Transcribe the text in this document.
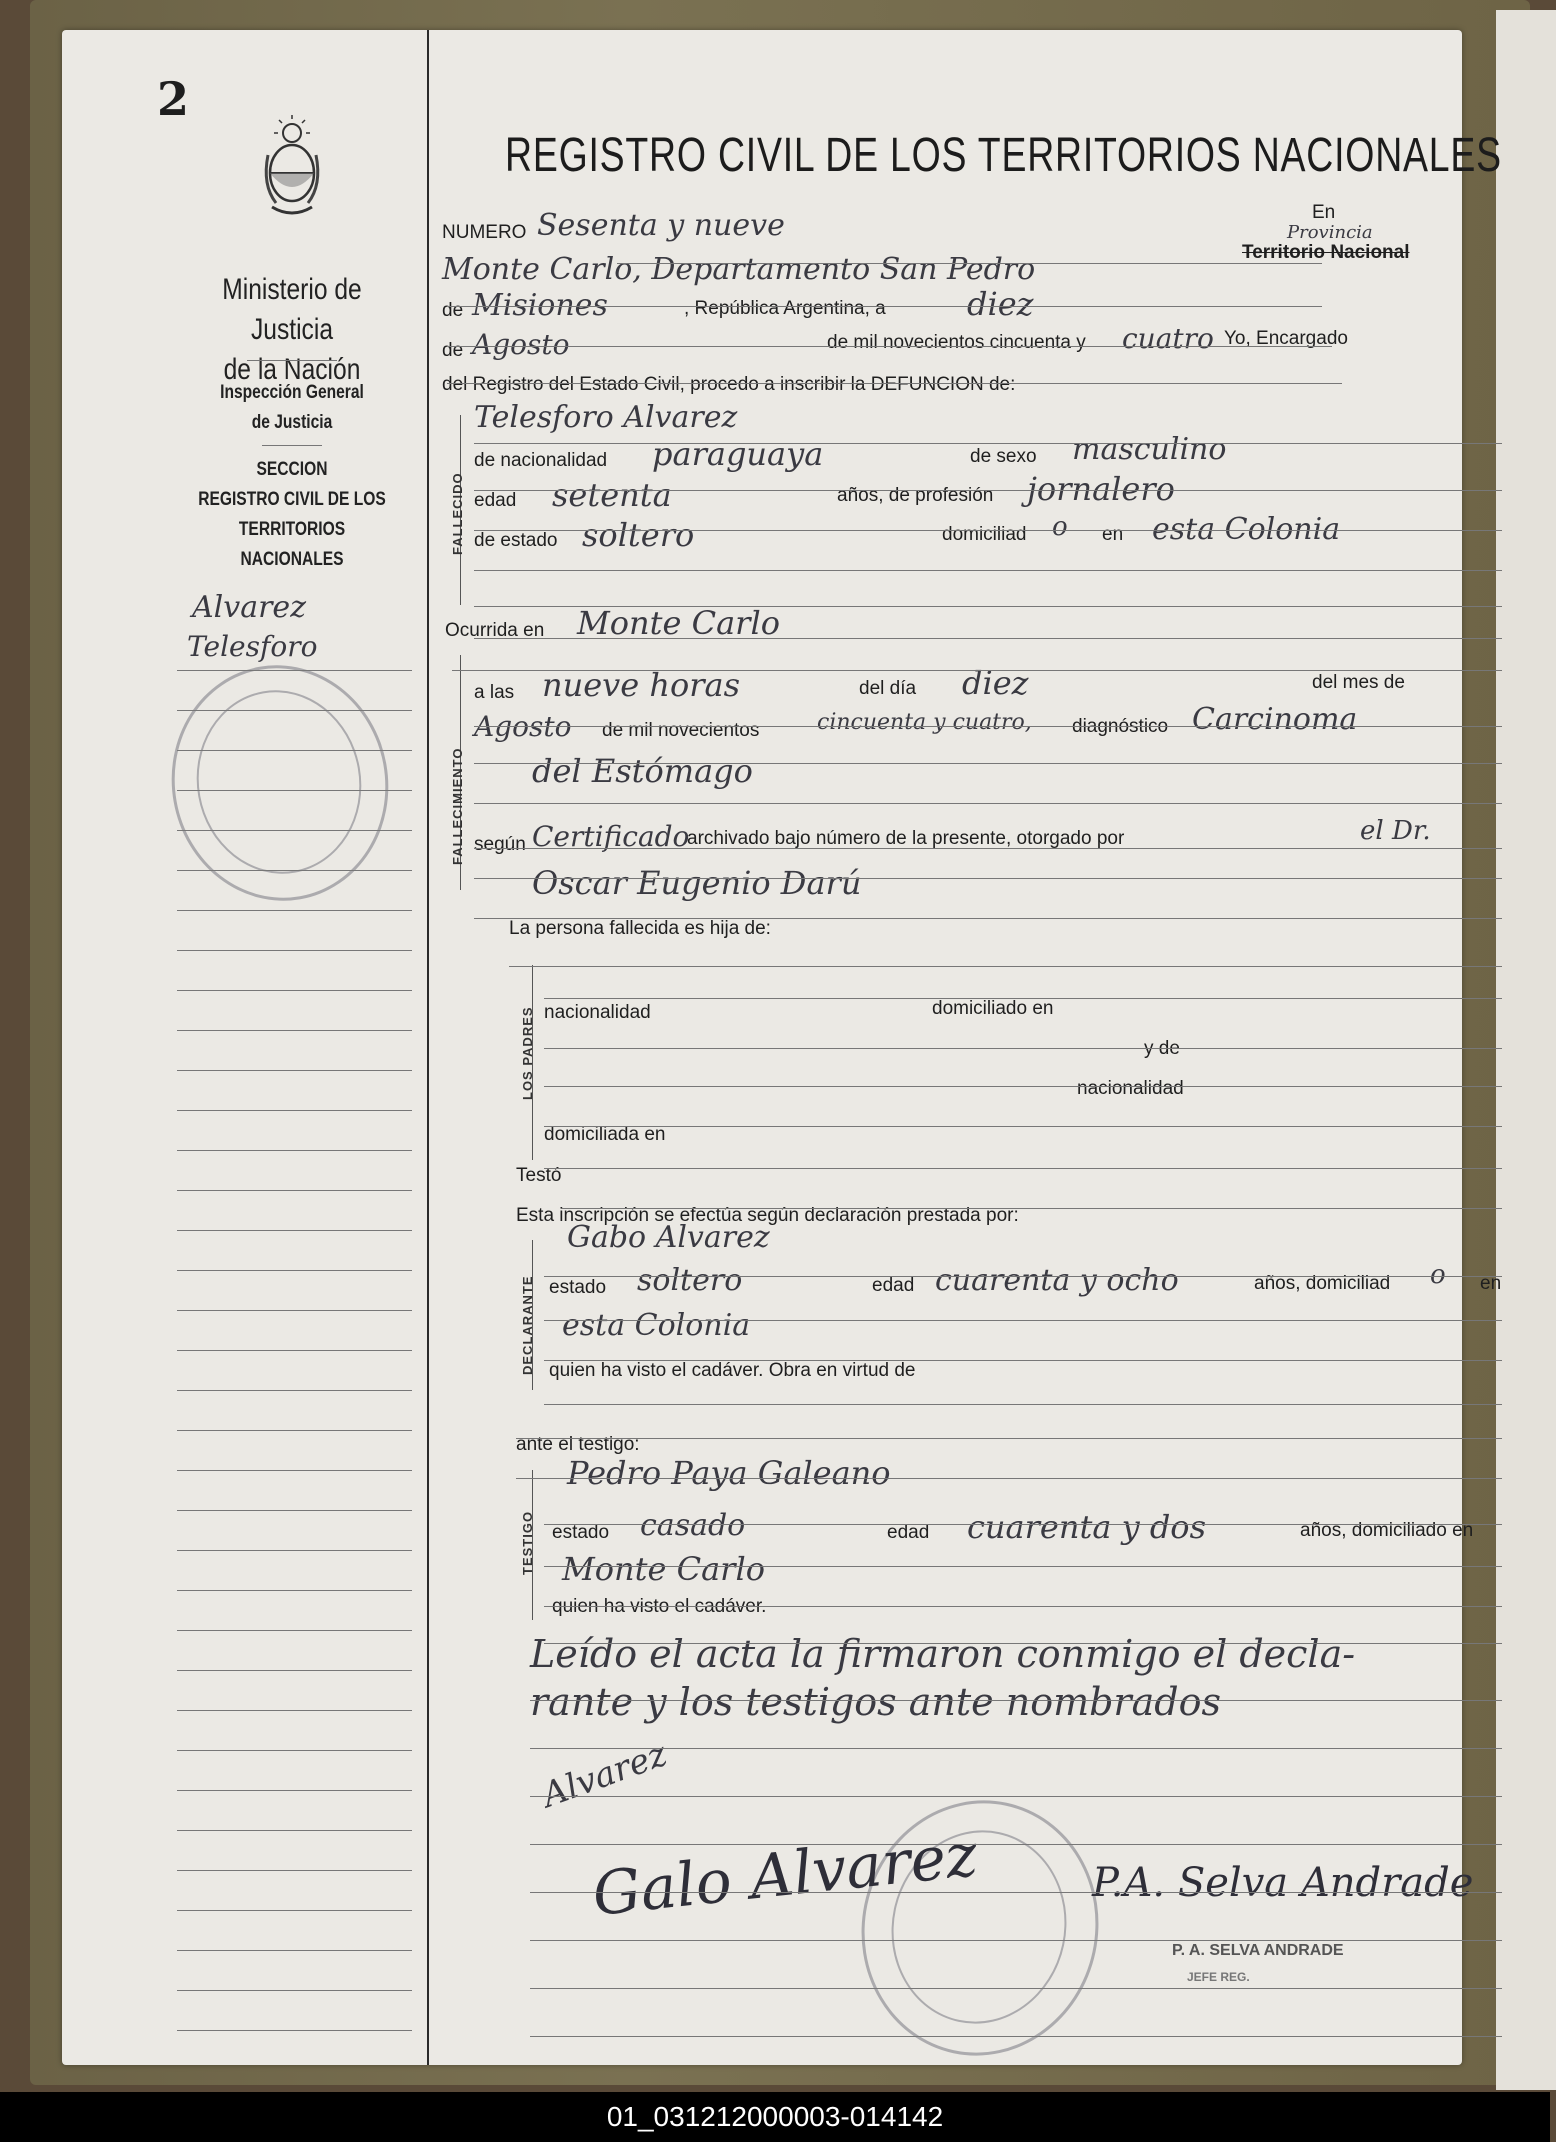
2
Ministerio de Justicia
de la Nación
Inspección General
de Justicia
SECCION
REGISTRO CIVIL DE LOS
TERRITORIOS NACIONALES
Alvarez
Telesforo
REGISTRO CIVIL DE LOS TERRITORIOS NACIONALES
NUMERO Sesenta y nueve	En
Provincia
Monte Carlo, Departamento San Pedro	Territorio Nacional
de Misiones	, República Argentina, a	diez
de Agosto	de mil novecientos cincuenta y cuatro Yo, Encargado
del Registro del Estado Civil, procedo a inscribir la DEFUNCION de:
FALLECIDO
Telesforo Alvarez
de nacionalidad paraguaya	de sexo masculino
edad setenta	años, de profesión jornalero
de estado soltero	domiciliad o en esta Colonia
Ocurrida en Monte Carlo
FALLECIMIENTO
a las nueve horas	del día diez	del mes de
Agosto de mil novecientos	cincuenta y cuatro, diagnóstico Carcinoma
del Estómago
según Certificado
archivado bajo número de la presente, otorgado por	el Dr.
Oscar Eugenio Darú
La persona fallecida es hija de:
LOS PADRES nacionalidad	domiciliado en
y de
nacionalidad
domiciliada en
Testó
Esta inscripción se efectúa según declaración prestada por:
DECLARANTE
Gabo Alvarez
estado soltero	edad cuarenta y ocho	años, domiciliad o en
esta Colonia
quien ha visto el cadáver. Obra en virtud de
ante el testigo:
TESTIGO
Pedro Paya Galeano
estado casado	edad cuarenta y dos	años, domiciliado en
Monte Carlo
quien ha visto el cadáver.
Leído el acta la firmaron conmigo el decla-
rante y los testigos ante nombrados
Alvarez
Galo Alvarez	P.A. Selva Andrade
P. A. SELVA ANDRADE
JEFE REG.
01_031212000003-014142
